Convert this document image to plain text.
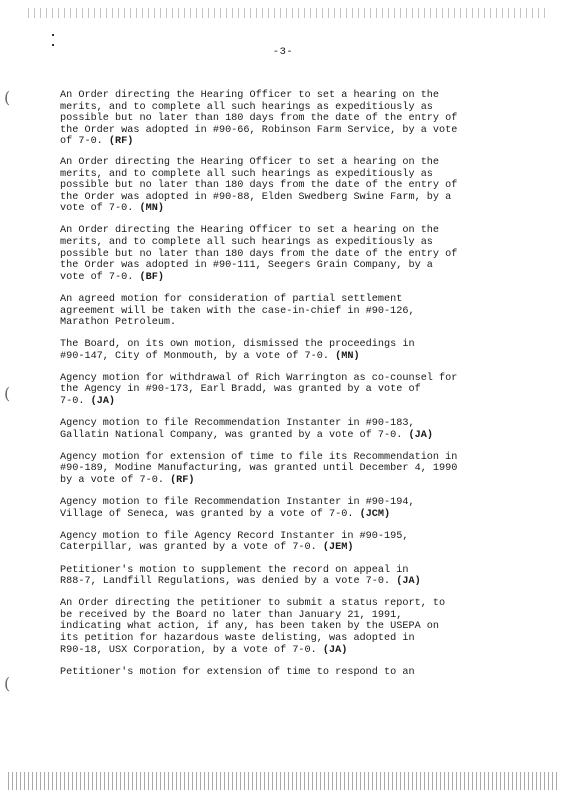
(
(
(
-3-

An Order directing the Hearing Officer to set a hearing on the
merits, and to complete all such hearings as expeditiously as
possible but no later than 180 days from the date of the entry of
the Order was adopted in #90-66, Robinson Farm Service, by a vote
of 7-0. (RF)

An Order directing the Hearing Officer to set a hearing on the
merits, and to complete all such hearings as expeditiously as
possible but no later than 180 days from the date of the entry of
the Order was adopted in #90-88, Elden Swedberg Swine Farm, by a
vote of 7-0. (MN)

An Order directing the Hearing Officer to set a hearing on the
merits, and to complete all such hearings as expeditiously as
possible but no later than 180 days from the date of the entry of
the Order was adopted in #90-111, Seegers Grain Company, by a
vote of 7-0. (BF)

An agreed motion for consideration of partial settlement
agreement will be taken with the case-in-chief in #90-126,
Marathon Petroleum.

The Board, on its own motion, dismissed the proceedings in
#90-147, City of Monmouth, by a vote of 7-0. (MN)

Agency motion for withdrawal of Rich Warrington as co-counsel for
the Agency in #90-173, Earl Bradd, was granted by a vote of
7-0. (JA)

Agency motion to file Recommendation Instanter in #90-183,
Gallatin National Company, was granted by a vote of 7-0. (JA)

Agency motion for extension of time to file its Recommendation in
#90-189, Modine Manufacturing, was granted until December 4, 1990
by a vote of 7-0. (RF)

Agency motion to file Recommendation Instanter in #90-194,
Village of Seneca, was granted by a vote of 7-0. (JCM)

Agency motion to file Agency Record Instanter in #90-195,
Caterpillar, was granted by a vote of 7-0. (JEM)

Petitioner's motion to supplement the record on appeal in
R88-7, Landfill Regulations, was denied by a vote 7-0. (JA)

An Order directing the petitioner to submit a status report, to
be received by the Board no later than January 21, 1991,
indicating what action, if any, has been taken by the USEPA on
its petition for hazardous waste delisting, was adopted in
R90-18, USX Corporation, by a vote of 7-0. (JA)

Petitioner's motion for extension of time to respond to an
